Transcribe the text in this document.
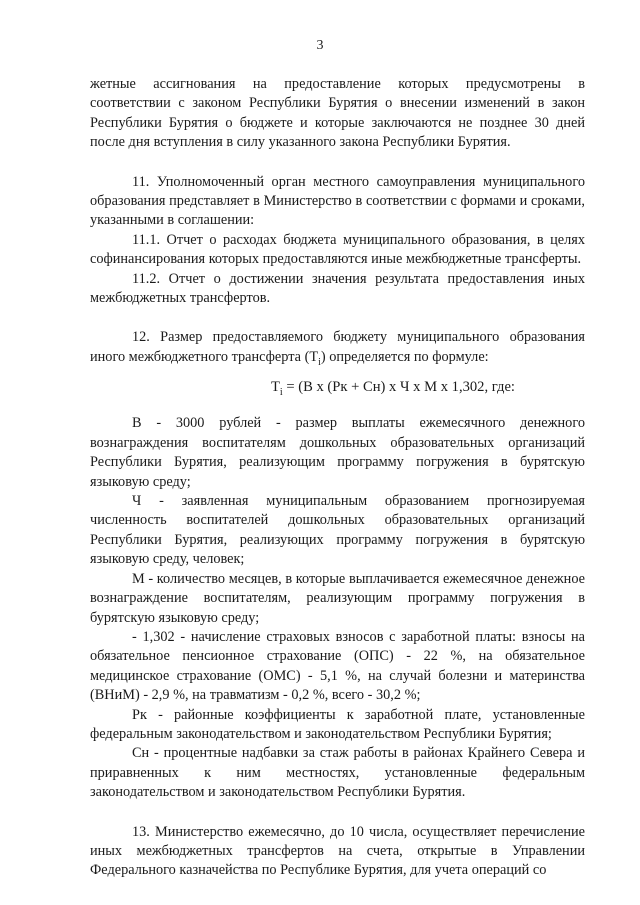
3

жетные ассигнования на предоставление которых предусмотрены в соответствии с законом Республики Бурятия о внесении изменений в закон Республики Бурятия о бюджете и которые заключаются не позднее 30 дней после дня вступления в силу указанного закона Республики Бурятия.

11. Уполномоченный орган местного самоуправления муниципального образования представляет в Министерство в соответствии с формами и сроками, указанными в соглашении:

11.1. Отчет о расходах бюджета муниципального образования, в целях софинансирования которых предоставляются иные межбюджетные трансферты.

11.2. Отчет о достижении значения результата предоставления иных межбюджетных трансфертов.

12. Размер предоставляемого бюджету муниципального образования иного межбюджетного трансферта $(T_i)$ определяется по формуле:

$T_i = (В$ x (Рк + Сн) x Ч x М x 1,302, где:

В - 3000 рублей - размер выплаты ежемесячного денежного вознаграждения воспитателям дошкольных образовательных организаций Республики Бурятия, реализующим программу погружения в бурятскую языковую среду;

Ч - заявленная муниципальным образованием прогнозируемая численность воспитателей дошкольных образовательных организаций Республики Бурятия, реализующих программу погружения в бурятскую языковую среду, человек;

М - количество месяцев, в которые выплачивается ежемесячное денежное вознаграждение воспитателям, реализующим программу погружения в бурятскую языковую среду;

- 1,302 - начисление страховых взносов с заработной платы: взносы на обязательное пенсионное страхование (ОПС) - 22 %, на обязательное медицинское страхование (ОМС) - 5,1 %, на случай болезни и материнства (ВНиМ) - 2,9 %, на травматизм - 0,2 %, всего - 30,2 %;

Рк - районные коэффициенты к заработной плате, установленные федеральным законодательством и законодательством Республики Бурятия;

Сн - процентные надбавки за стаж работы в районах Крайнего Севера и приравненных к ним местностях, установленные федеральным законодательством и законодательством Республики Бурятия.

13. Министерство ежемесячно, до 10 числа, осуществляет перечисление иных межбюджетных трансфертов на счета, открытые в Управлении Федерального казначейства по Республике Бурятия, для учета операций со
